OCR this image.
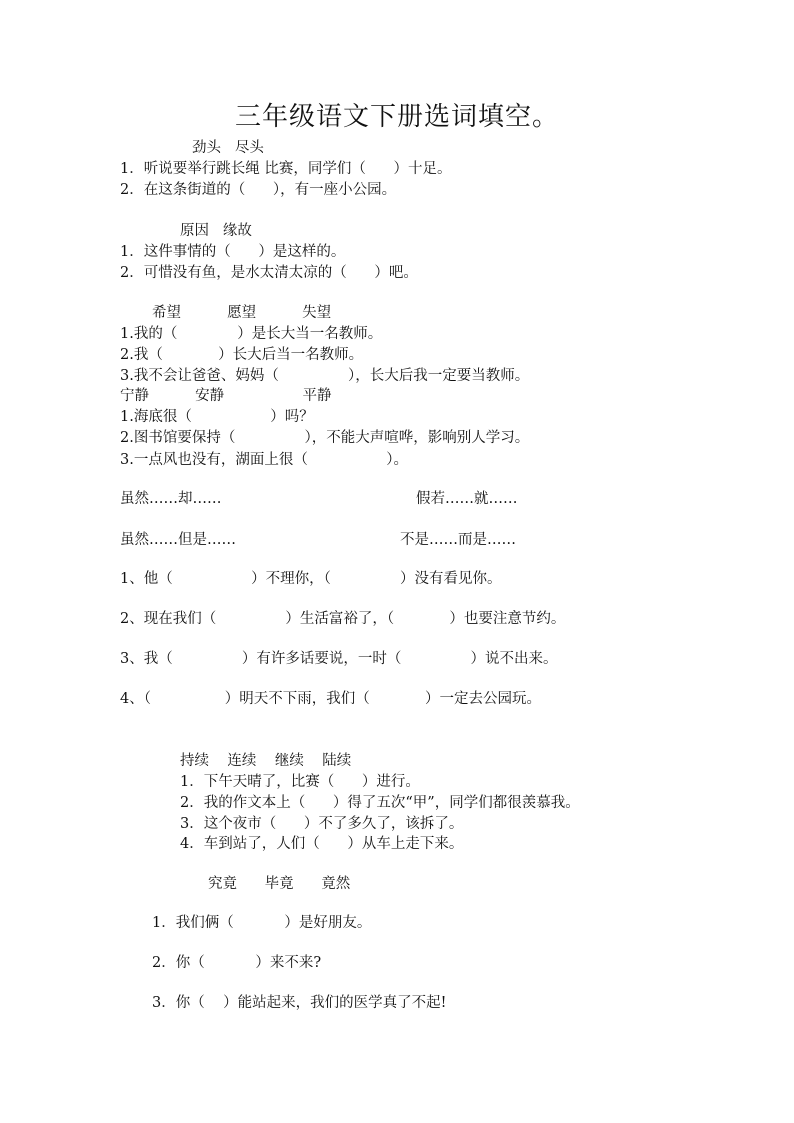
三年级语文下册选词填空。
劲头   尽头
1．听说要举行跳长绳 比赛，同学们（      ）十足。
2．在这条街道的（      ），有一座小公园。
原因   缘故
1．这件事情的（      ）是这样的。
2．可惜没有鱼，是水太清太凉的（      ）吧。
希望          愿望          失望
1.我的（             ）是长大当一名教师。
2.我（            ）长大后当一名教师。
3.我不会让爸爸、妈妈（               ），长大后我一定要当教师。
宁静          安静                 平静
1.海底很（                 ）吗？
2.图书馆要保持（               ），不能大声喧哗，影响别人学习。
3.一点风也没有，湖面上很（                 ）。
虽然……却……	假若……就……
虽然……但是……	不是……而是……
1、他（                 ）不理你，（               ）没有看见你。
2、现在我们（               ）生活富裕了，（            ）也要注意节约。
3、我（               ）有许多话要说，一时（               ）说不出来。
4、（                ）明天不下雨，我们（            ）一定去公园玩。
持续    连续    继续    陆续
1．下午天晴了，比赛（      ）进行。
2．我的作文本上（      ）得了五次“甲”，同学们都很羡慕我。
3．这个夜市（      ）不了多久了，该拆了。
4．车到站了，人们（      ）从车上走下来。
究竟      毕竟      竟然
1．我们俩（           ）是好朋友。
2．你（           ）来不来?
3．你（    ）能站起来，我们的医学真了不起!
